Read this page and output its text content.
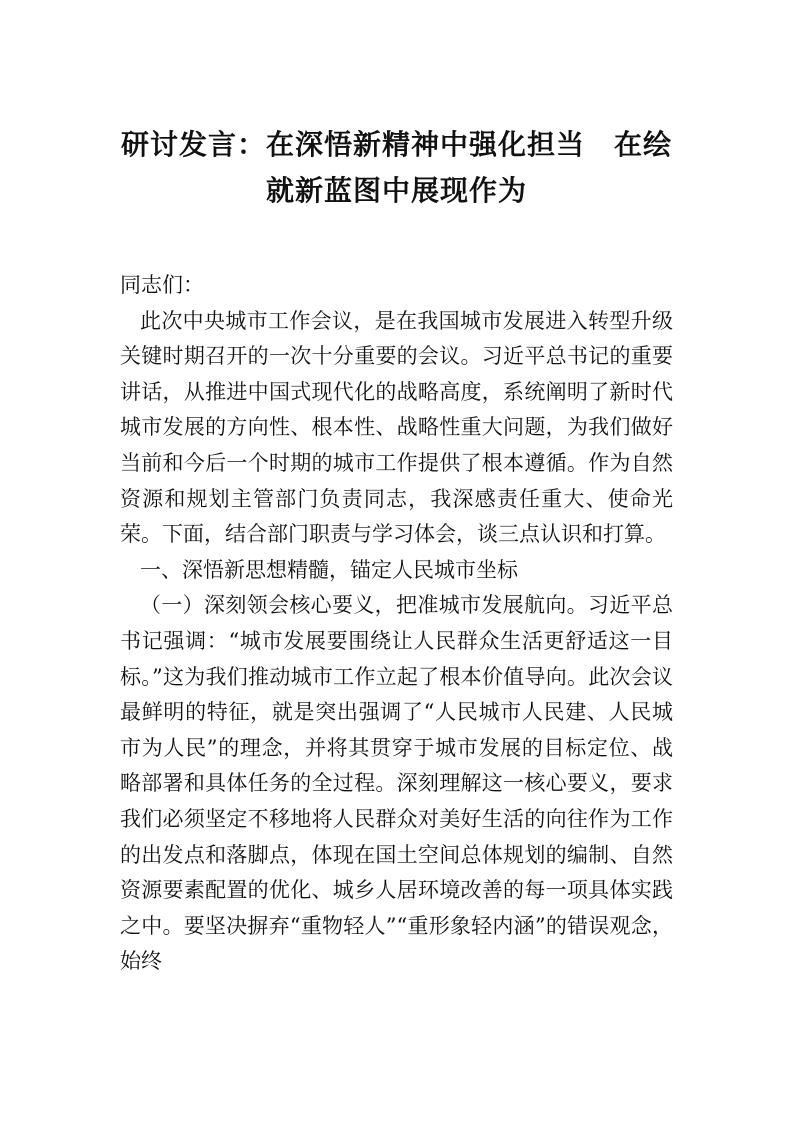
研讨发言：在深悟新精神中强化担当　在绘
就新蓝图中展现作为

同志们：

此次中央城市工作会议，是在我国城市发展进入转型升级关键时期召开的一次十分重要的会议。习近平总书记的重要讲话，从推进中国式现代化的战略高度，系统阐明了新时代城市发展的方向性、根本性、战略性重大问题，为我们做好当前和今后一个时期的城市工作提供了根本遵循。作为自然资源和规划主管部门负责同志，我深感责任重大、使命光荣。下面，结合部门职责与学习体会，谈三点认识和打算。

一、深悟新思想精髓，锚定人民城市坐标

（一）深刻领会核心要义，把准城市发展航向。习近平总书记强调：“城市发展要围绕让人民群众生活更舒适这一目标。”这为我们推动城市工作立起了根本价值导向。此次会议最鲜明的特征，就是突出强调了“人民城市人民建、人民城市为人民”的理念，并将其贯穿于城市发展的目标定位、战略部署和具体任务的全过程。深刻理解这一核心要义，要求我们必须坚定不移地将人民群众对美好生活的向往作为工作的出发点和落脚点，体现在国土空间总体规划的编制、自然资源要素配置的优化、城乡人居环境改善的每一项具体实践之中。要坚决摒弃“重物轻人”“重形象轻内涵”的错误观念，始终
